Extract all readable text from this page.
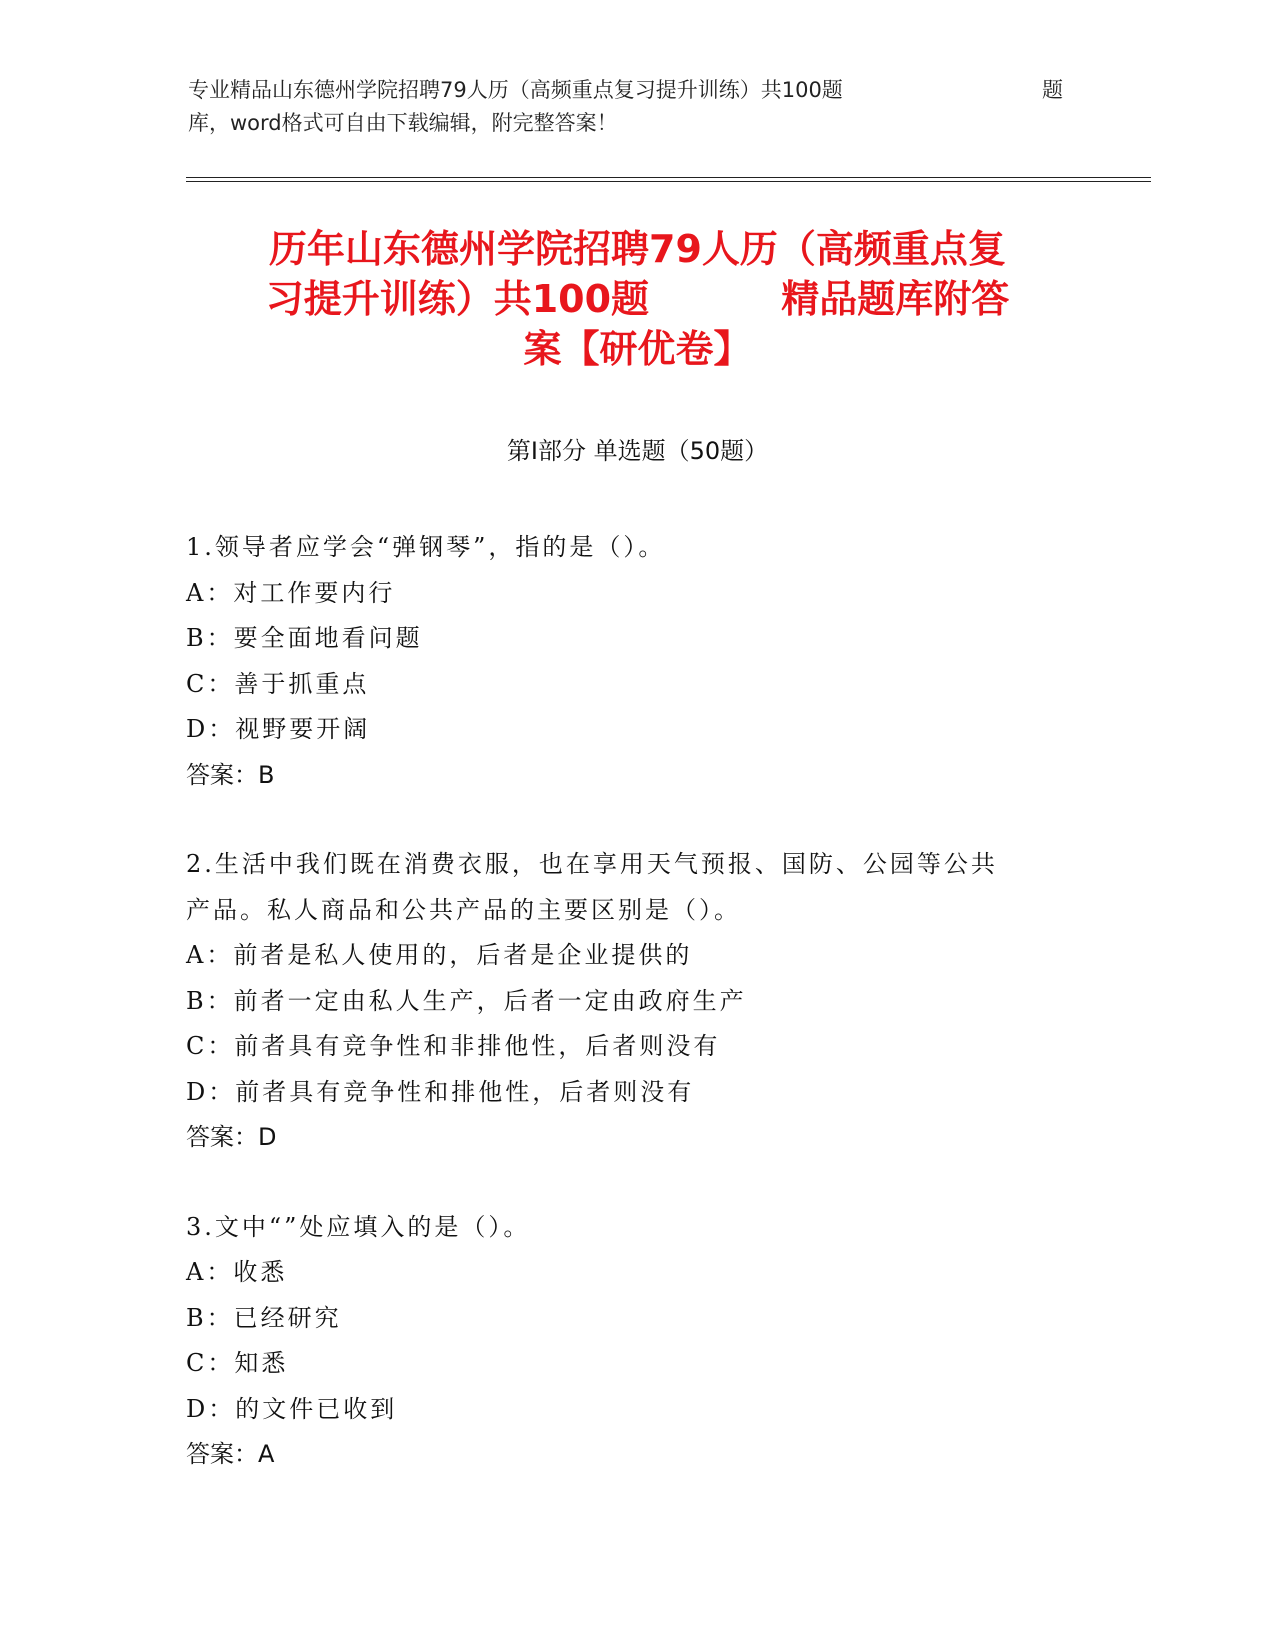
专业精品山东德州学院招聘79人历（高频重点复习提升训练）共100题	题
库，word格式可自由下载编辑，附完整答案！
历年山东德州学院招聘79人历（高频重点复
习提升训练）共100题          精品题库附答
案【研优卷】
第Ⅰ部分 单选题（50题）
1.领导者应学会“弹钢琴”，指的是（）。
A：对工作要内行
B：要全面地看问题
C：善于抓重点
D：视野要开阔
答案：B
2.生活中我们既在消费衣服，也在享用天气预报、国防、公园等公共
产品。私人商品和公共产品的主要区别是（）。
A：前者是私人使用的，后者是企业提供的
B：前者一定由私人生产，后者一定由政府生产
C：前者具有竞争性和非排他性，后者则没有
D：前者具有竞争性和排他性，后者则没有
答案：D
3.文中“”处应填入的是（）。
A：收悉
B：已经研究
C：知悉
D：的文件已收到
答案：A
